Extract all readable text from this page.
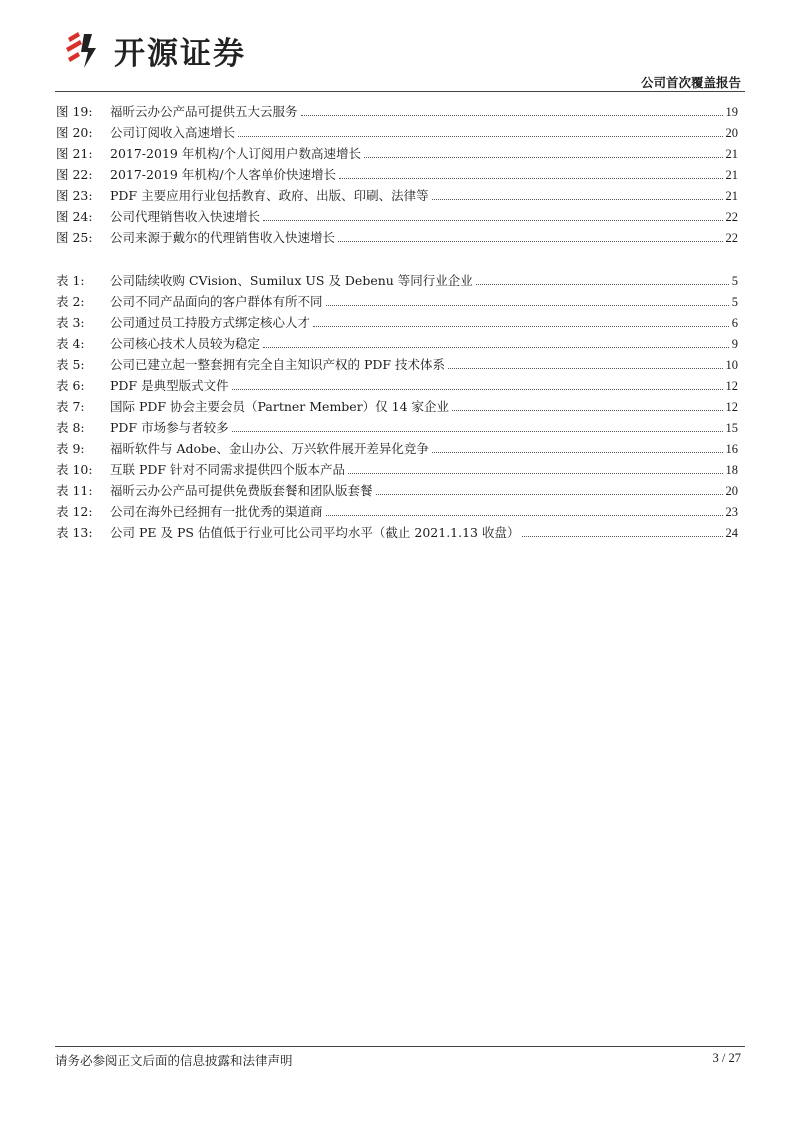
开源证券
公司首次覆盖报告
图 19:	福昕云办公产品可提供五大云服务	19
图 20:	公司订阅收入高速增长	20
图 21:	2017-2019 年机构/个人订阅用户数高速增长	21
图 22:	2017-2019 年机构/个人客单价快速增长	21
图 23:	PDF 主要应用行业包括教育、政府、出版、印刷、法律等	21
图 24:	公司代理销售收入快速增长	22
图 25:	公司来源于戴尔的代理销售收入快速增长	22
表 1:	公司陆续收购 CVision、Sumilux US 及 Debenu 等同行业企业	5
表 2:	公司不同产品面向的客户群体有所不同	5
表 3:	公司通过员工持股方式绑定核心人才	6
表 4:	公司核心技术人员较为稳定	9
表 5:	公司已建立起一整套拥有完全自主知识产权的 PDF 技术体系	10
表 6:	PDF 是典型版式文件	12
表 7:	国际 PDF 协会主要会员（Partner Member）仅 14 家企业	12
表 8:	PDF 市场参与者较多	15
表 9:	福昕软件与 Adobe、金山办公、万兴软件展开差异化竞争	16
表 10:	互联 PDF 针对不同需求提供四个版本产品	18
表 11:	福昕云办公产品可提供免费版套餐和团队版套餐	20
表 12:	公司在海外已经拥有一批优秀的渠道商	23
表 13:	公司 PE 及 PS 估值低于行业可比公司平均水平（截止 2021.1.13 收盘）	24
请务必参阅正文后面的信息披露和法律声明	3 / 27
